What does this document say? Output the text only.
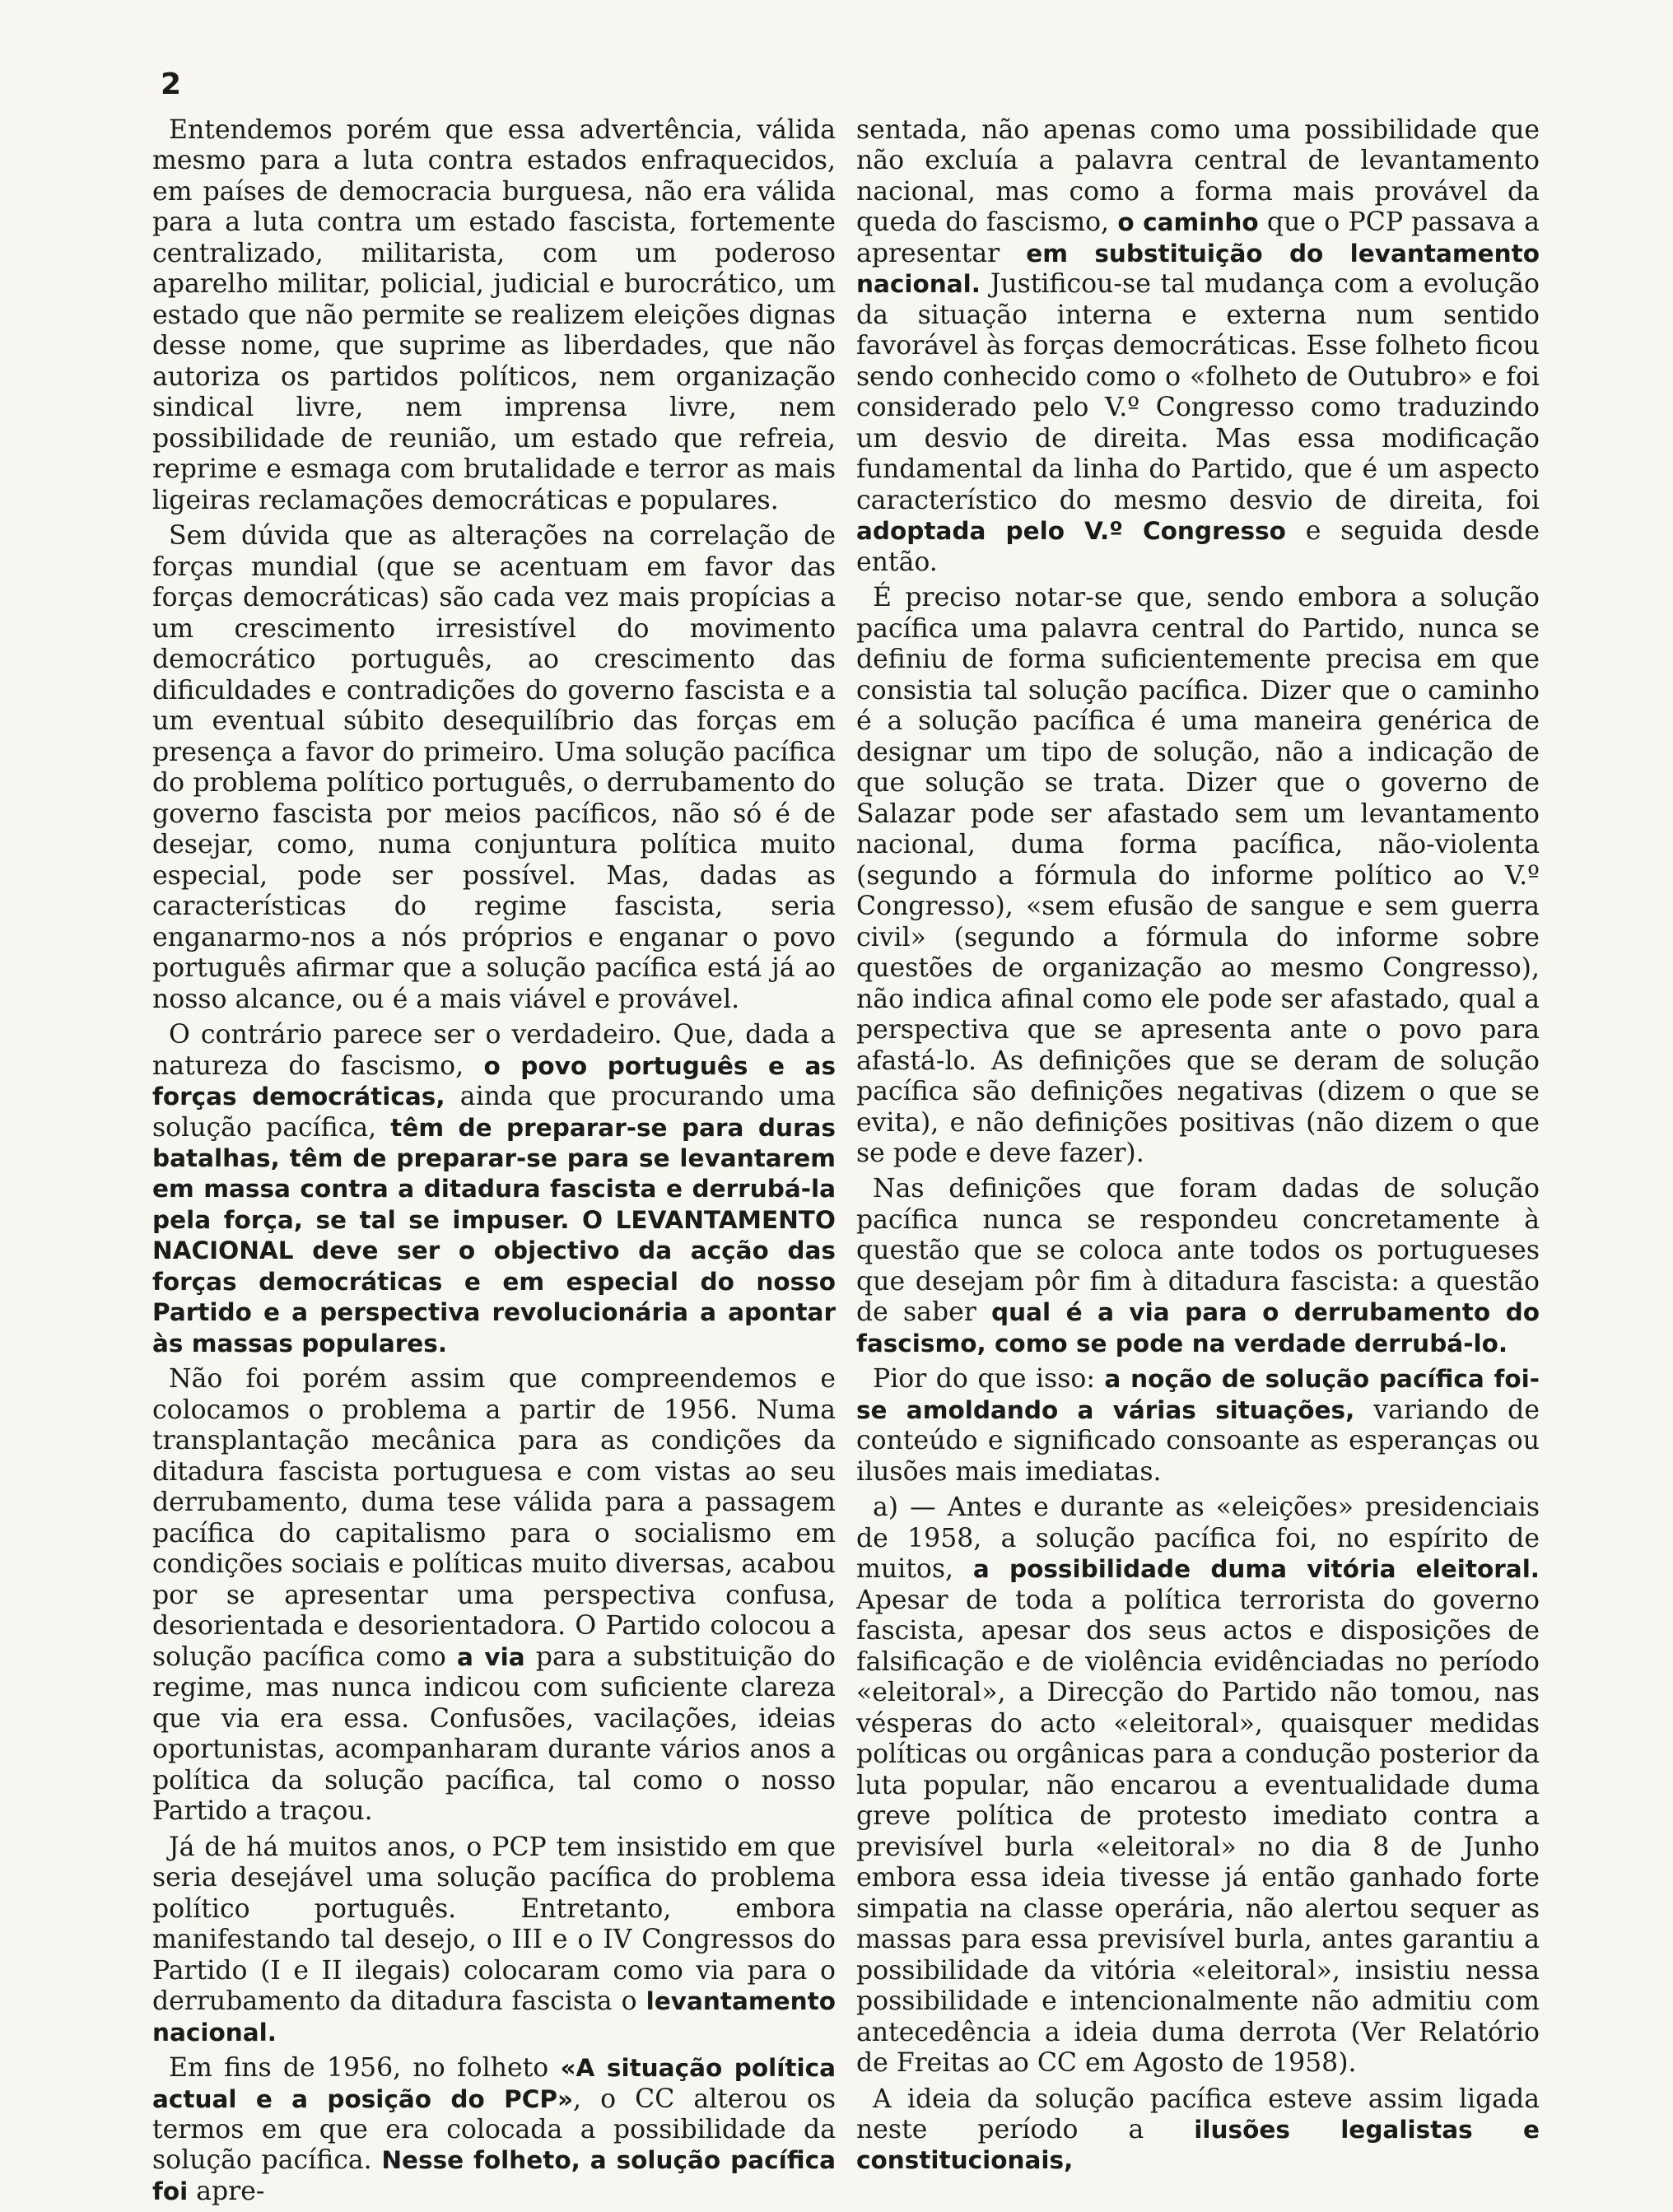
2

Entendemos porém que essa advertência, válida mesmo para a luta contra estados enfraquecidos, em países de democracia burguesa, não era válida para a luta contra um estado fascista, fortemente centralizado, militarista, com um poderoso aparelho militar, policial, judicial e burocrático, um estado que não permite se realizem eleições dignas desse nome, que suprime as liberdades, que não autoriza os partidos políticos, nem organização sindical livre, nem imprensa livre, nem possibilidade de reunião, um estado que refreia, reprime e esmaga com brutalidade e terror as mais ligeiras reclamações democráticas e populares.

Sem dúvida que as alterações na correlação de forças mundial (que se acentuam em favor das forças democráticas) são cada vez mais propícias a um crescimento irresistível do movimento democrático português, ao crescimento das dificuldades e contradições do governo fascista e a um eventual súbito desequilíbrio das forças em presença a favor do primeiro. Uma solução pacífica do problema político português, o derrubamento do governo fascista por meios pacíficos, não só é de desejar, como, numa conjuntura política muito especial, pode ser possível. Mas, dadas as características do regime fascista, seria enganarmo-nos a nós próprios e enganar o povo português afirmar que a solução pacífica está já ao nosso alcance, ou é a mais viável e provável.

O contrário parece ser o verdadeiro. Que, dada a natureza do fascismo, o povo português e as forças democráticas, ainda que procurando uma solução pacífica, têm de preparar-se para duras batalhas, têm de preparar-se para se levantarem em massa contra a ditadura fascista e derrubá-la pela força, se tal se impuser. O LEVANTAMENTO NACIONAL deve ser o objectivo da acção das forças democráticas e em especial do nosso Partido e a perspectiva revolucionária a apontar às massas populares.

Não foi porém assim que compreendemos e colocamos o problema a partir de 1956. Numa transplantação mecânica para as condições da ditadura fascista portuguesa e com vistas ao seu derrubamento, duma tese válida para a passagem pacífica do capitalismo para o socialismo em condições sociais e políticas muito diversas, acabou por se apresentar uma perspectiva confusa, desorientada e desorientadora. O Partido colocou a solução pacífica como a via para a substituição do regime, mas nunca indicou com suficiente clareza que via era essa. Confusões, vacilações, ideias oportunistas, acompanharam durante vários anos a política da solução pacífica, tal como o nosso Partido a traçou.

Já de há muitos anos, o PCP tem insistido em que seria desejável uma solução pacífica do problema político português. Entretanto, embora manifestando tal desejo, o III e o IV Congressos do Partido (I e II ilegais) colocaram como via para o derrubamento da ditadura fascista o levantamento nacional.

Em fins de 1956, no folheto «A situação política actual e a posição do PCP», o CC alterou os termos em que era colocada a possibilidade da solução pacífica. Nesse folheto, a solução pacífica foi apre-

sentada, não apenas como uma possibilidade que não excluía a palavra central de levantamento nacional, mas como a forma mais provável da queda do fascismo, o caminho que o PCP passava a apresentar em substituição do levantamento nacional. Justificou-se tal mudança com a evolução da situação interna e externa num sentido favorável às forças democráticas. Esse folheto ficou sendo conhecido como o «folheto de Outubro» e foi considerado pelo V.º Congresso como traduzindo um desvio de direita. Mas essa modificação fundamental da linha do Partido, que é um aspecto característico do mesmo desvio de direita, foi adoptada pelo V.º Congresso e seguida desde então.

É preciso notar-se que, sendo embora a solução pacífica uma palavra central do Partido, nunca se definiu de forma suficientemente precisa em que consistia tal solução pacífica. Dizer que o caminho é a solução pacífica é uma maneira genérica de designar um tipo de solução, não a indicação de que solução se trata. Dizer que o governo de Salazar pode ser afastado sem um levantamento nacional, duma forma pacífica, não-violenta (segundo a fórmula do informe político ao V.º Congresso), «sem efusão de sangue e sem guerra civil» (segundo a fórmula do informe sobre questões de organização ao mesmo Congresso), não indica afinal como ele pode ser afastado, qual a perspectiva que se apresenta ante o povo para afastá-lo. As definições que se deram de solução pacífica são definições negativas (dizem o que se evita), e não definições positivas (não dizem o que se pode e deve fazer).

Nas definições que foram dadas de solução pacífica nunca se respondeu concretamente à questão que se coloca ante todos os portugueses que desejam pôr fim à ditadura fascista: a questão de saber qual é a via para o derrubamento do fascismo, como se pode na verdade derrubá-lo.

Pior do que isso: a noção de solução pacífica foi-se amoldando a várias situações, variando de conteúdo e significado consoante as esperanças ou ilusões mais imediatas.

a) — Antes e durante as «eleições» presidenciais de 1958, a solução pacífica foi, no espírito de muitos, a possibilidade duma vitória eleitoral. Apesar de toda a política terrorista do governo fascista, apesar dos seus actos e disposições de falsificação e de violência evidênciadas no período «eleitoral», a Direcção do Partido não tomou, nas vésperas do acto «eleitoral», quaisquer medidas políticas ou orgânicas para a condução posterior da luta popular, não encarou a eventualidade duma greve política de protesto imediato contra a previsível burla «eleitoral» no dia 8 de Junho embora essa ideia tivesse já então ganhado forte simpatia na classe operária, não alertou sequer as massas para essa previsível burla, antes garantiu a possibilidade da vitória «eleitoral», insistiu nessa possibilidade e intencionalmente não admitiu com antecedência a ideia duma derrota (Ver Relatório de Freitas ao CC em Agosto de 1958).

A ideia da solução pacífica esteve assim ligada neste período a ilusões legalistas e constitucionais,
